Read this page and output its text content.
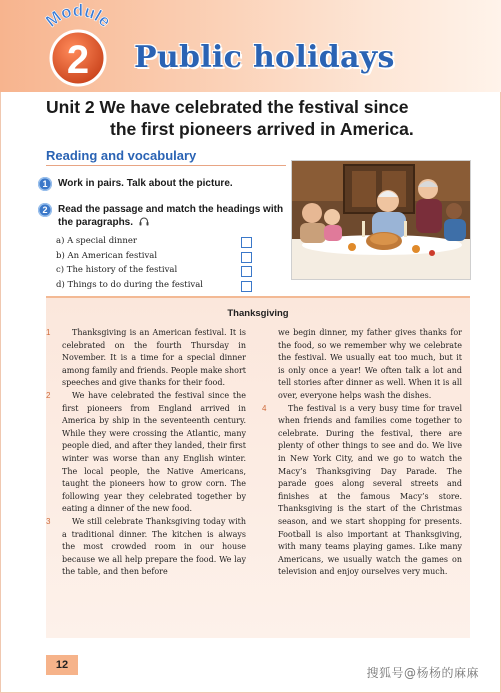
Module
2 Public holidays
Unit 2 We have celebrated the festival since
the first pioneers arrived in America.
Reading and vocabulary
1	Work in pairs. Talk about the picture.
2	Read the passage and match the headings with the paragraphs.
a) A special dinner
b) An American festival
c) The history of the festival
d) Things to do during the festival
Thanksgiving

1	Thanksgiving is an American festival. It is celebrated on the fourth Thursday in November. It is a time for a special dinner among family and friends. People make short speeches and give thanks for their food.

2	We have celebrated the festival since the first pioneers from England arrived in America by ship in the seventeenth century. While they were crossing the Atlantic, many people died, and after they landed, their first winter was worse than any English winter. The local people, the Native Americans, taught the pioneers how to grow corn. The following year they celebrated together by eating a dinner of the new food.

3	We still celebrate Thanksgiving today with a traditional dinner. The kitchen is always the most crowded room in our house because we all help prepare the food. We lay the table, and then before

we begin dinner, my father gives thanks for the food, so we remember why we celebrate the festival. We usually eat too much, but it is only once a year! We often talk a lot and tell stories after dinner as well. When it is all over, everyone helps wash the dishes.

4	The festival is a very busy time for travel when friends and families come together to celebrate. During the festival, there are plenty of other things to see and do. We live in New York City, and we go to watch the Macy’s Thanksgiving Day Parade. The parade goes along several streets and finishes at the famous Macy’s store. Thanksgiving is the start of the Christmas season, and we start shopping for presents. Football is also important at Thanksgiving, with many teams playing games. Like many Americans, we usually watch the games on television and enjoy ourselves very much.

12
搜狐号@杨杨的麻麻
